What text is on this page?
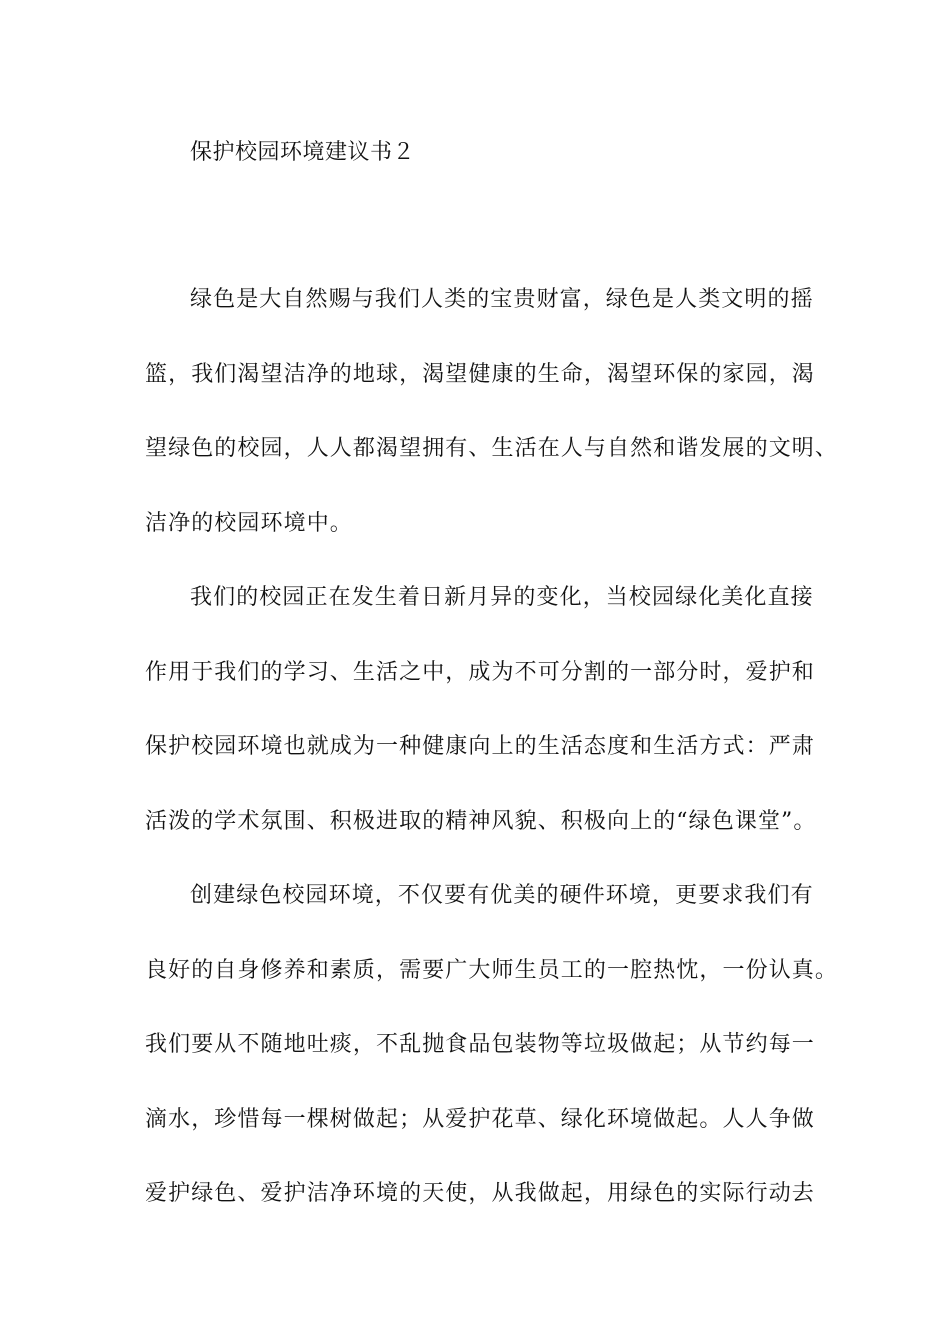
保护校园环境建议书２
绿色是大自然赐与我们人类的宝贵财富，绿色是人类文明的摇
篮，我们渴望洁净的地球，渴望健康的生命，渴望环保的家园，渴
望绿色的校园，人人都渴望拥有、生活在人与自然和谐发展的文明、
洁净的校园环境中。
我们的校园正在发生着日新月异的变化，当校园绿化美化直接
作用于我们的学习、生活之中，成为不可分割的一部分时，爱护和
保护校园环境也就成为一种健康向上的生活态度和生活方式：严肃
活泼的学术氛围、积极进取的精神风貌、积极向上的“绿色课堂”。
创建绿色校园环境，不仅要有优美的硬件环境，更要求我们有
良好的自身修养和素质，需要广大师生员工的一腔热忱，一份认真。
我们要从不随地吐痰，不乱抛食品包装物等垃圾做起；从节约每一
滴水，珍惜每一棵树做起；从爱护花草、绿化环境做起。人人争做
爱护绿色、爱护洁净环境的天使，从我做起，用绿色的实际行动去
